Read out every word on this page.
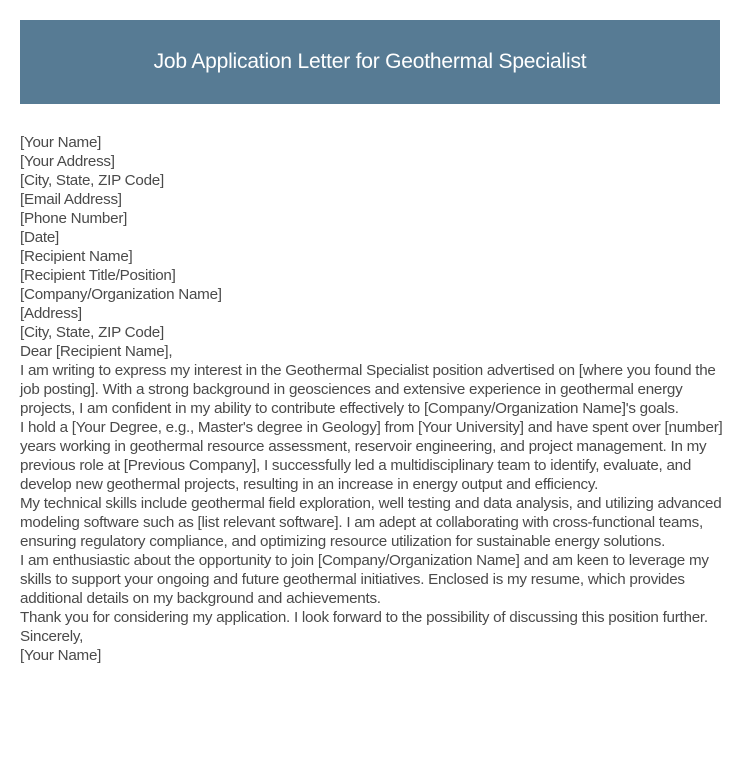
Job Application Letter for Geothermal Specialist
[Your Name]
[Your Address]
[City, State, ZIP Code]
[Email Address]
[Phone Number]
[Date]
[Recipient Name]
[Recipient Title/Position]
[Company/Organization Name]
[Address]
[City, State, ZIP Code]
Dear [Recipient Name],

I am writing to express my interest in the Geothermal Specialist position advertised on [where you found the job posting]. With a strong background in geosciences and extensive experience in geothermal energy projects, I am confident in my ability to contribute effectively to [Company/Organization Name]'s goals.

I hold a [Your Degree, e.g., Master's degree in Geology] from [Your University] and have spent over [number] years working in geothermal resource assessment, reservoir engineering, and project management. In my previous role at [Previous Company], I successfully led a multidisciplinary team to identify, evaluate, and develop new geothermal projects, resulting in an increase in energy output and efficiency.

My technical skills include geothermal field exploration, well testing and data analysis, and utilizing advanced modeling software such as [list relevant software]. I am adept at collaborating with cross-functional teams, ensuring regulatory compliance, and optimizing resource utilization for sustainable energy solutions.

I am enthusiastic about the opportunity to join [Company/Organization Name] and am keen to leverage my skills to support your ongoing and future geothermal initiatives. Enclosed is my resume, which provides additional details on my background and achievements.

Thank you for considering my application. I look forward to the possibility of discussing this position further.

Sincerely,
[Your Name]
